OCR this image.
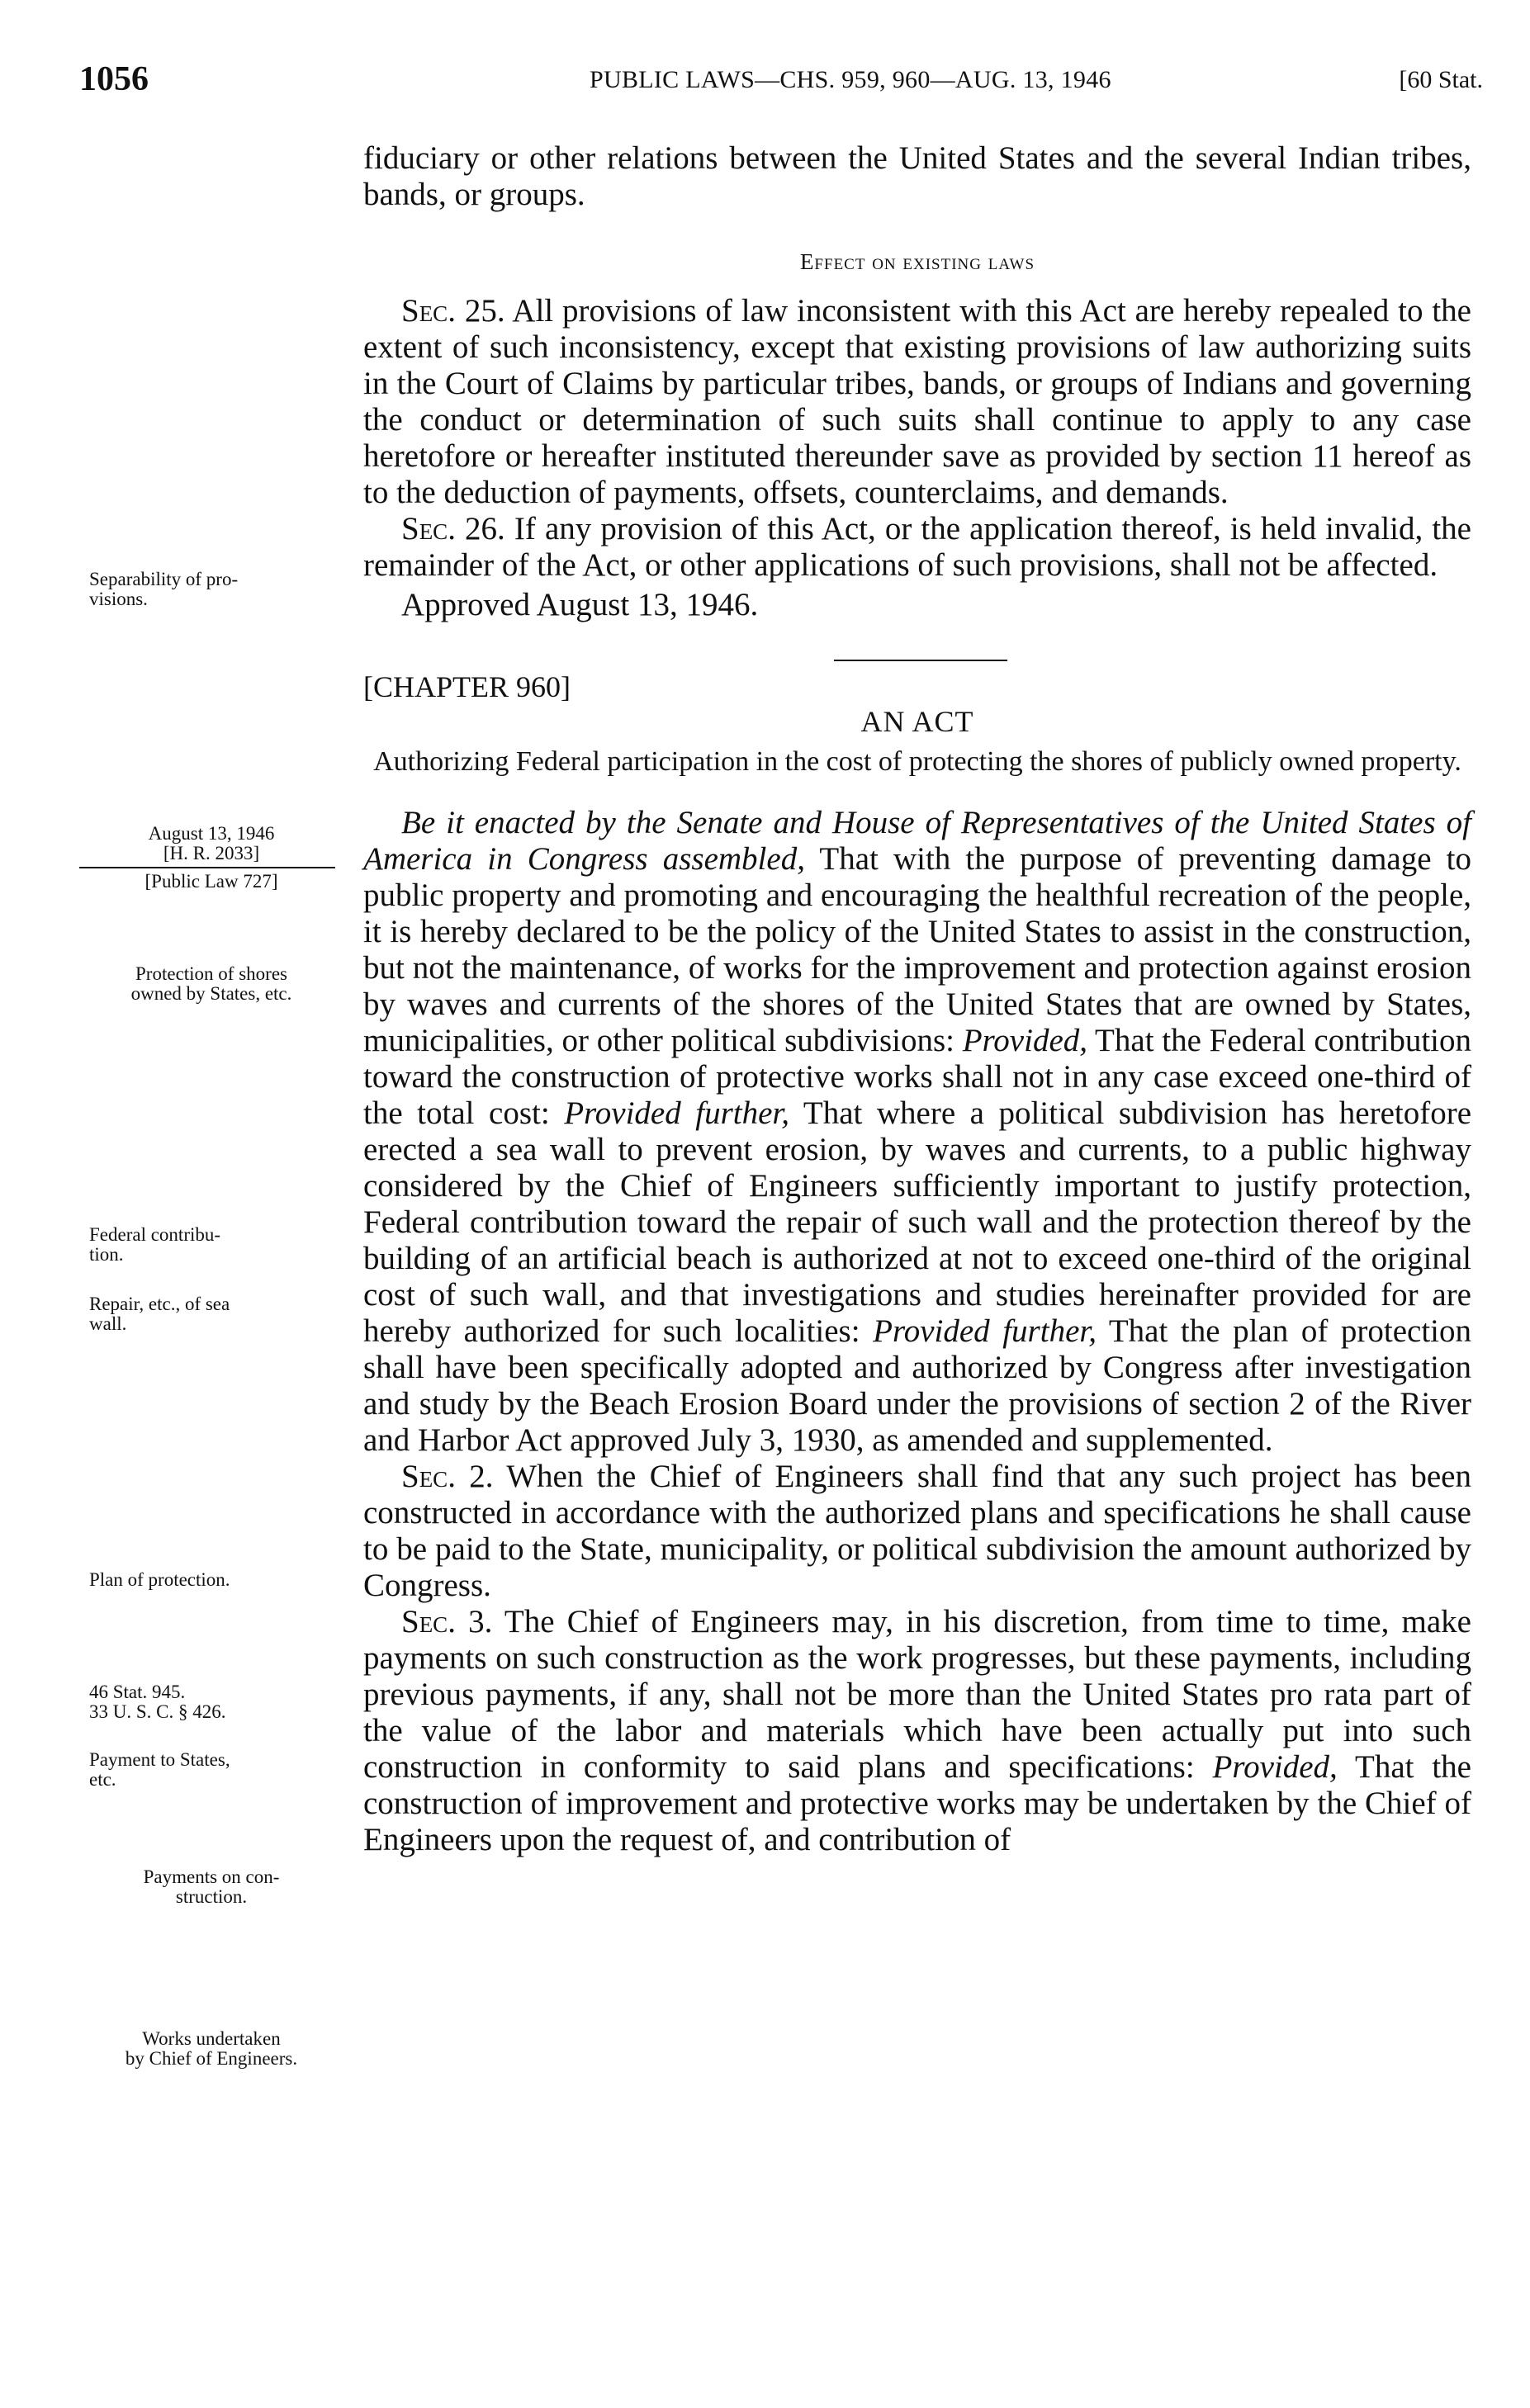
1056	PUBLIC LAWS—CHS. 959, 960—AUG. 13, 1946	[60 Stat.

fiduciary or other relations between the United States and the several Indian tribes, bands, or groups.

Effect on existing laws

Sec. 25. All provisions of law inconsistent with this Act are hereby repealed to the extent of such inconsistency, except that existing provisions of law authorizing suits in the Court of Claims by particular tribes, bands, or groups of Indians and governing the conduct or determination of such suits shall continue to apply to any case heretofore or hereafter instituted thereunder save as provided by section 11 hereof as to the deduction of payments, offsets, counterclaims, and demands.

Sec. 26. If any provision of this Act, or the application thereof, is held invalid, the remainder of the Act, or other applications of such provisions, shall not be affected.

Approved August 13, 1946.

[CHAPTER 960]

AN ACT

Authorizing Federal participation in the cost of protecting the shores of publicly owned property.

Be it enacted by the Senate and House of Representatives of the United States of America in Congress assembled, That with the purpose of preventing damage to public property and promoting and encouraging the healthful recreation of the people, it is hereby declared to be the policy of the United States to assist in the construction, but not the maintenance, of works for the improvement and protection against erosion by waves and currents of the shores of the United States that are owned by States, municipalities, or other political subdivisions: Provided, That the Federal contribution toward the construction of protective works shall not in any case exceed one-third of the total cost: Provided further, That where a political subdivision has heretofore erected a sea wall to prevent erosion, by waves and currents, to a public highway considered by the Chief of Engineers sufficiently important to justify protection, Federal contribution toward the repair of such wall and the protection thereof by the building of an artificial beach is authorized at not to exceed one-third of the original cost of such wall, and that investigations and studies hereinafter provided for are hereby authorized for such localities: Provided further, That the plan of protection shall have been specifically adopted and authorized by Congress after investigation and study by the Beach Erosion Board under the provisions of section 2 of the River and Harbor Act approved July 3, 1930, as amended and supplemented.

Sec. 2. When the Chief of Engineers shall find that any such project has been constructed in accordance with the authorized plans and specifications he shall cause to be paid to the State, municipality, or political subdivision the amount authorized by Congress.

Sec. 3. The Chief of Engineers may, in his discretion, from time to time, make payments on such construction as the work progresses, but these payments, including previous payments, if any, shall not be more than the United States pro rata part of the value of the labor and materials which have been actually put into such construction in conformity to said plans and specifications: Provided, That the construction of improvement and protective works may be undertaken by the Chief of Engineers upon the request of, and contribution of

Separability of pro-
visions.
August 13, 1946
[H. R. 2033]
[Public Law 727]
Protection of shores
owned by States, etc.
Federal contribu-
tion.
Repair, etc., of sea
wall.
Plan of protection.
46 Stat. 945.
33 U. S. C. § 426.
Payment to States,
etc.
Payments on con-
struction.
Works undertaken
by Chief of Engineers.
